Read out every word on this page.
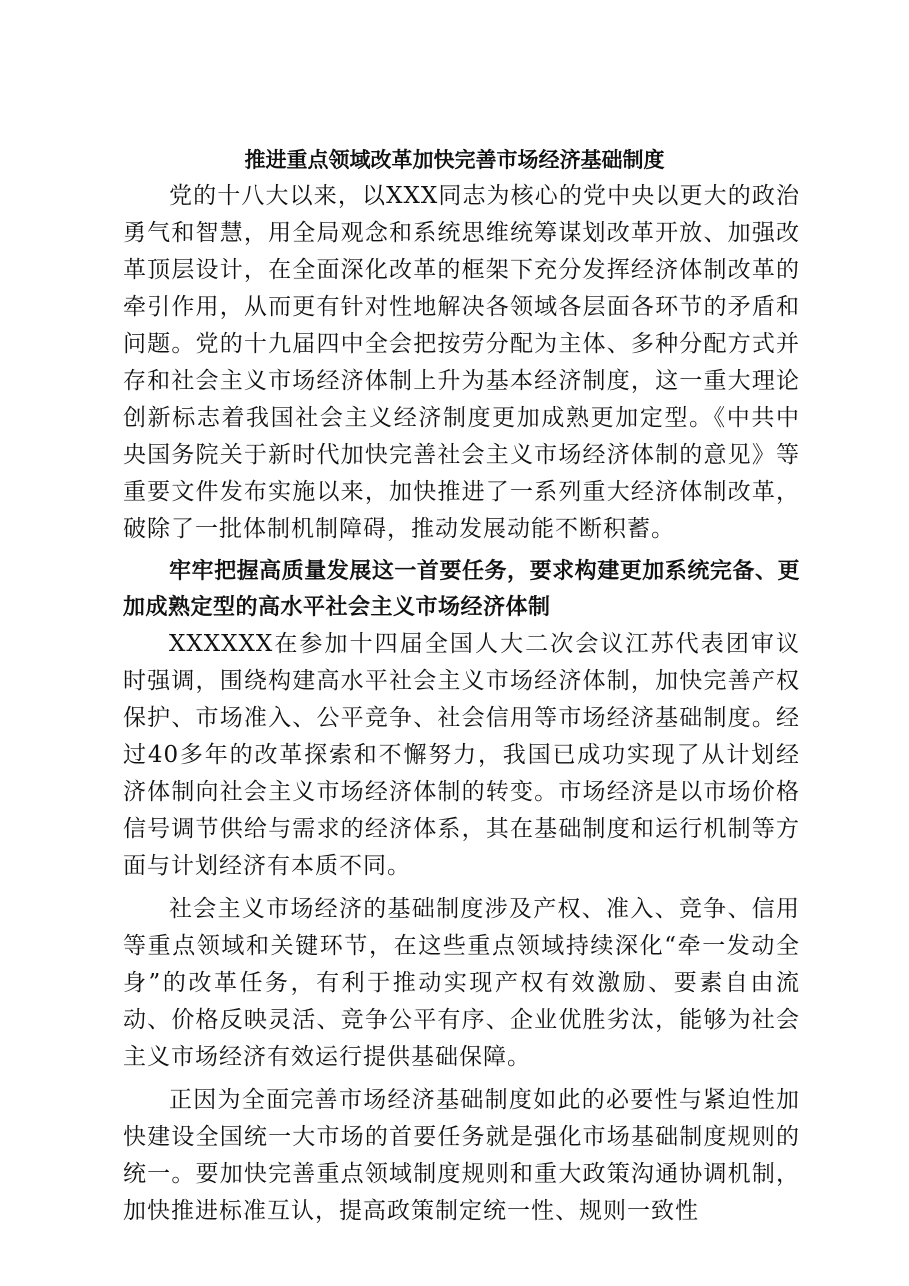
推进重点领域改革加快完善市场经济基础制度

党的十八大以来，以XXX同志为核心的党中央以更大的政治勇气和智慧，用全局观念和系统思维统筹谋划改革开放、加强改革顶层设计，在全面深化改革的框架下充分发挥经济体制改革的牵引作用，从而更有针对性地解决各领域各层面各环节的矛盾和问题。党的十九届四中全会把按劳分配为主体、多种分配方式并存和社会主义市场经济体制上升为基本经济制度，这一重大理论创新标志着我国社会主义经济制度更加成熟更加定型。《中共中央国务院关于新时代加快完善社会主义市场经济体制的意见》等重要文件发布实施以来，加快推进了一系列重大经济体制改革，破除了一批体制机制障碍，推动发展动能不断积蓄。

牢牢把握高质量发展这一首要任务，要求构建更加系统完备、更加成熟定型的高水平社会主义市场经济体制

XXXXXX在参加十四届全国人大二次会议江苏代表团审议时强调，围绕构建高水平社会主义市场经济体制，加快完善产权保护、市场准入、公平竞争、社会信用等市场经济基础制度。经过40多年的改革探索和不懈努力，我国已成功实现了从计划经济体制向社会主义市场经济体制的转变。市场经济是以市场价格信号调节供给与需求的经济体系，其在基础制度和运行机制等方面与计划经济有本质不同。

社会主义市场经济的基础制度涉及产权、准入、竞争、信用等重点领域和关键环节，在这些重点领域持续深化“牵一发动全身”的改革任务，有利于推动实现产权有效激励、要素自由流动、价格反映灵活、竞争公平有序、企业优胜劣汰，能够为社会主义市场经济有效运行提供基础保障。

正因为全面完善市场经济基础制度如此的必要性与紧迫性加快建设全国统一大市场的首要任务就是强化市场基础制度规则的统一。要加快完善重点领域制度规则和重大政策沟通协调机制，加快推进标准互认，提高政策制定统一性、规则一致性
